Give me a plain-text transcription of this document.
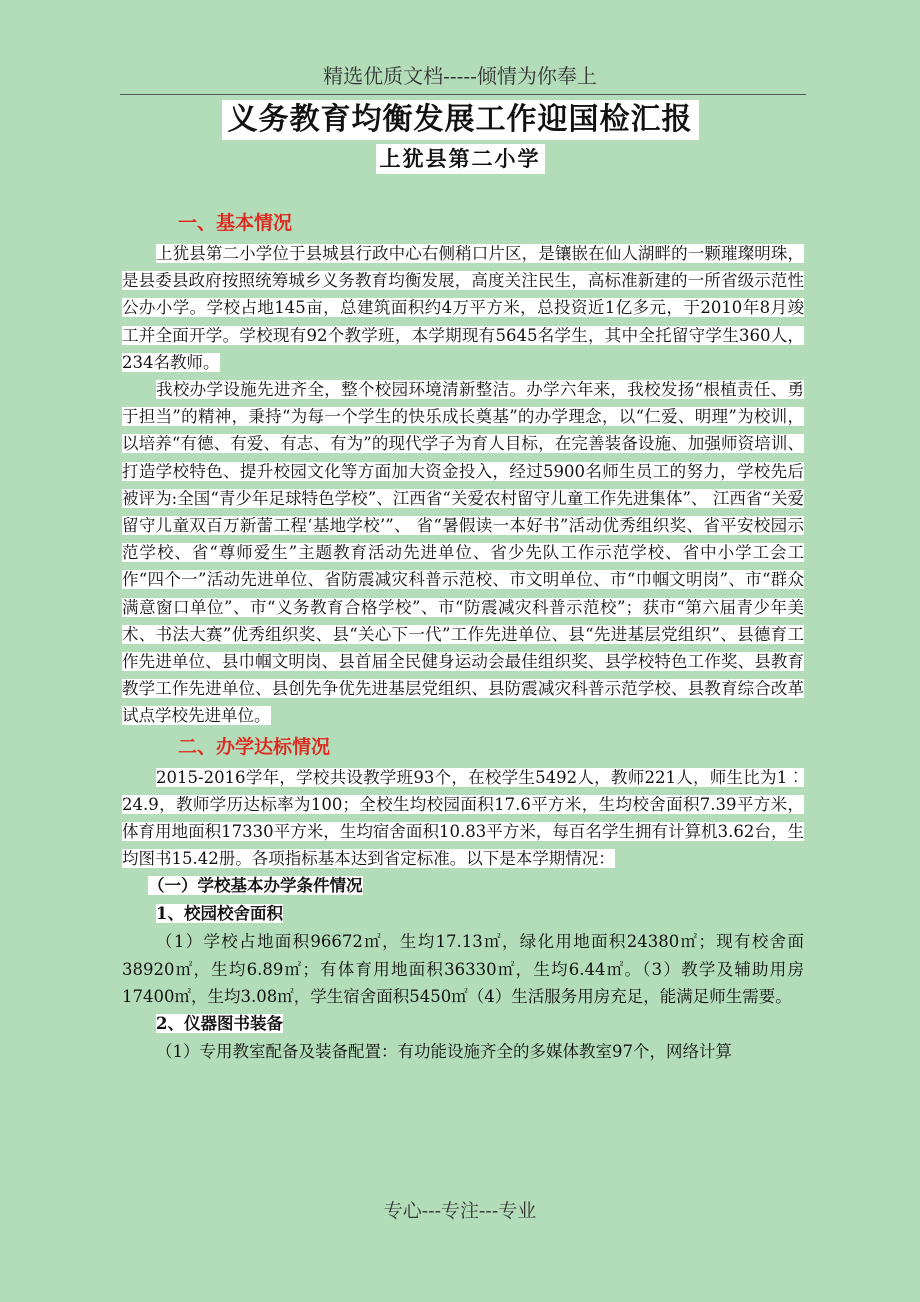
精选优质文档-----倾情为你奉上
义务教育均衡发展工作迎国检汇报
上犹县第二小学
一、基本情况

上犹县第二小学位于县城县行政中心右侧稍口片区，是镶嵌在仙人湖畔的一颗璀璨明珠，是县委县政府按照统筹城乡义务教育均衡发展，高度关注民生，高标准新建的一所省级示范性公办小学。学校占地145亩，总建筑面积约4万平方米，总投资近1亿多元，于2010年8月竣工并全面开学。学校现有92个教学班，本学期现有5645名学生，其中全托留守学生360人，234名教师。

我校办学设施先进齐全，整个校园环境清新整洁。办学六年来，我校发扬“根植责任、勇于担当”的精神，秉持“为每一个学生的快乐成长奠基”的办学理念，以“仁爱、明理”为校训，以培养“有德、有爱、有志、有为”的现代学子为育人目标，在完善装备设施、加强师资培训、打造学校特色、提升校园文化等方面加大资金投入，经过5900名师生员工的努力，学校先后被评为:全国“青少年足球特色学校”、江西省“关爱农村留守儿童工作先进集体”、 江西省“关爱留守儿童双百万新蕾工程‘基地学校’”、 省“暑假读一本好书”活动优秀组织奖、省平安校园示范学校、省“尊师爱生”主题教育活动先进单位、省少先队工作示范学校、省中小学工会工作“四个一”活动先进单位、省防震减灾科普示范校、市文明单位、市“巾帼文明岗”、市“群众满意窗口单位”、市“义务教育合格学校”、市“防震减灾科普示范校”；获市“第六届青少年美术、书法大赛”优秀组织奖、县“关心下一代”工作先进单位、县“先进基层党组织”、县德育工作先进单位、县巾帼文明岗、县首届全民健身运动会最佳组织奖、县学校特色工作奖、县教育教学工作先进单位、县创先争优先进基层党组织、县防震减灾科普示范学校、县教育综合改革试点学校先进单位。

二、办学达标情况

2015-2016学年，学校共设教学班93个，在校学生5492人，教师221人，师生比为1︰24.9，教师学历达标率为100；全校生均校园面积17.6平方米，生均校舍面积7.39平方米，体育用地面积17330平方米，生均宿舍面积10.83平方米，每百名学生拥有计算机3.62台，生均图书15.42册。各项指标基本达到省定标准。以下是本学期情况：

（一）学校基本办学条件情况
1、校园校舍面积

（1）学校占地面积96672㎡，生均17.13㎡，绿化用地面积24380㎡；现有校舍面38920㎡，生均6.89㎡；有体育用地面积36330㎡，生均6.44㎡。（3）教学及辅助用房17400㎡，生均3.08㎡，学生宿舍面积5450㎡（4）生活服务用房充足，能满足师生需要。

2、仪器图书装备

（1）专用教室配备及装备配置：有功能设施齐全的多媒体教室97个，网络计算

专心---专注---专业
